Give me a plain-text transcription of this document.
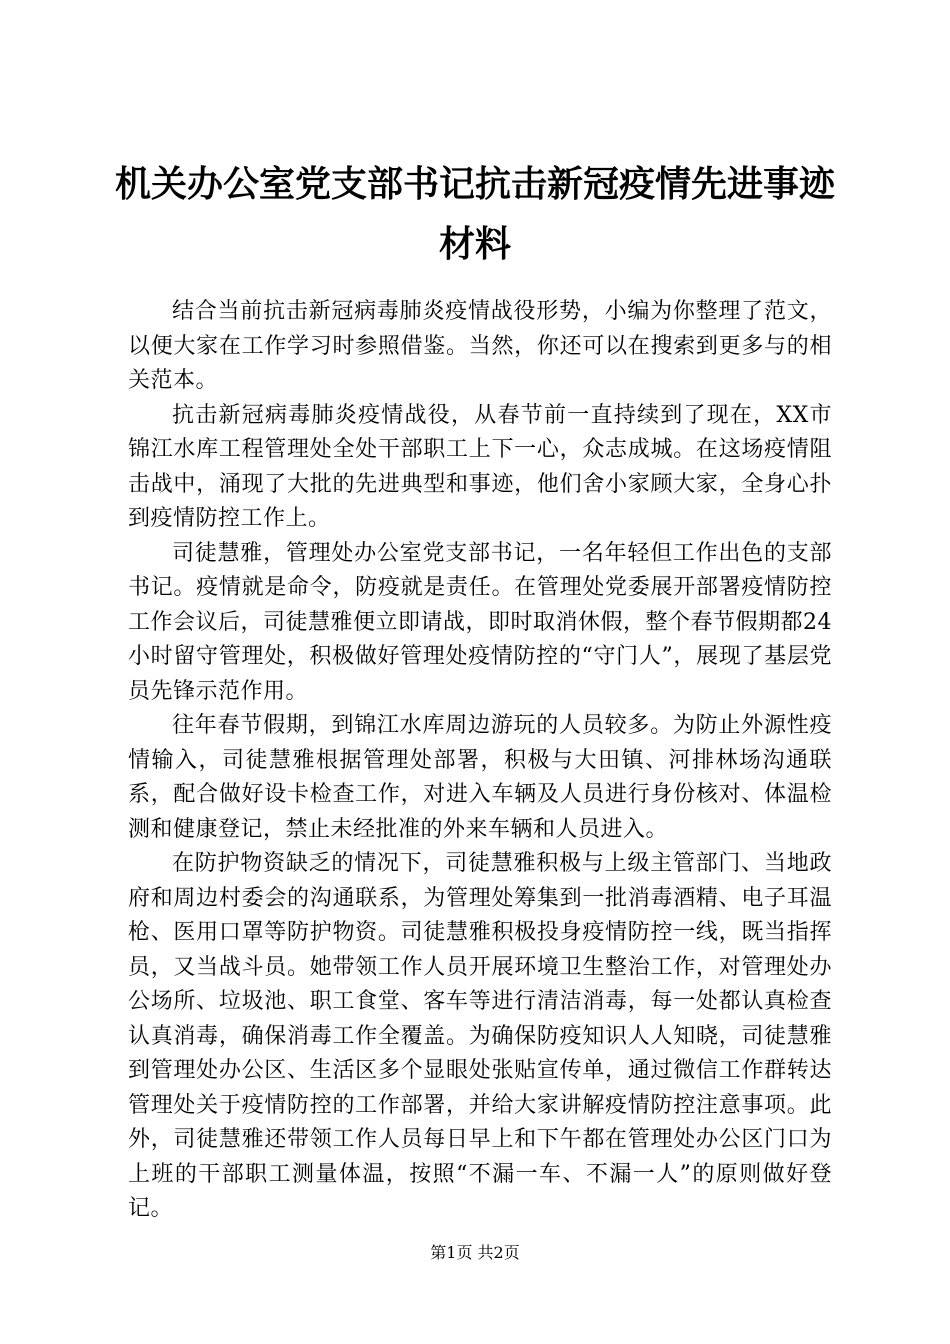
机关办公室党支部书记抗击新冠疫情先进事迹
材料

结合当前抗击新冠病毒肺炎疫情战役形势，小编为你整理了范文，以便大家在工作学习时参照借鉴。当然，你还可以在搜索到更多与的相关范本。

抗击新冠病毒肺炎疫情战役，从春节前一直持续到了现在，XX市锦江水库工程管理处全处干部职工上下一心，众志成城。在这场疫情阻击战中，涌现了大批的先进典型和事迹，他们舍小家顾大家，全身心扑到疫情防控工作上。

司徒慧雅，管理处办公室党支部书记，一名年轻但工作出色的支部书记。疫情就是命令，防疫就是责任。在管理处党委展开部署疫情防控工作会议后，司徒慧雅便立即请战，即时取消休假，整个春节假期都24小时留守管理处，积极做好管理处疫情防控的“守门人”，展现了基层党员先锋示范作用。

往年春节假期，到锦江水库周边游玩的人员较多。为防止外源性疫情输入，司徒慧雅根据管理处部署，积极与大田镇、河排林场沟通联系，配合做好设卡检查工作，对进入车辆及人员进行身份核对、体温检测和健康登记，禁止未经批准的外来车辆和人员进入。

在防护物资缺乏的情况下，司徒慧雅积极与上级主管部门、当地政府和周边村委会的沟通联系，为管理处筹集到一批消毒酒精、电子耳温枪、医用口罩等防护物资。司徒慧雅积极投身疫情防控一线，既当指挥员，又当战斗员。她带领工作人员开展环境卫生整治工作，对管理处办公场所、垃圾池、职工食堂、客车等进行清洁消毒，每一处都认真检查认真消毒，确保消毒工作全覆盖。为确保防疫知识人人知晓，司徒慧雅到管理处办公区、生活区多个显眼处张贴宣传单，通过微信工作群转达管理处关于疫情防控的工作部署，并给大家讲解疫情防控注意事项。此外，司徒慧雅还带领工作人员每日早上和下午都在管理处办公区门口为上班的干部职工测量体温，按照“不漏一车、不漏一人”的原则做好登记。

第1页 共2页
